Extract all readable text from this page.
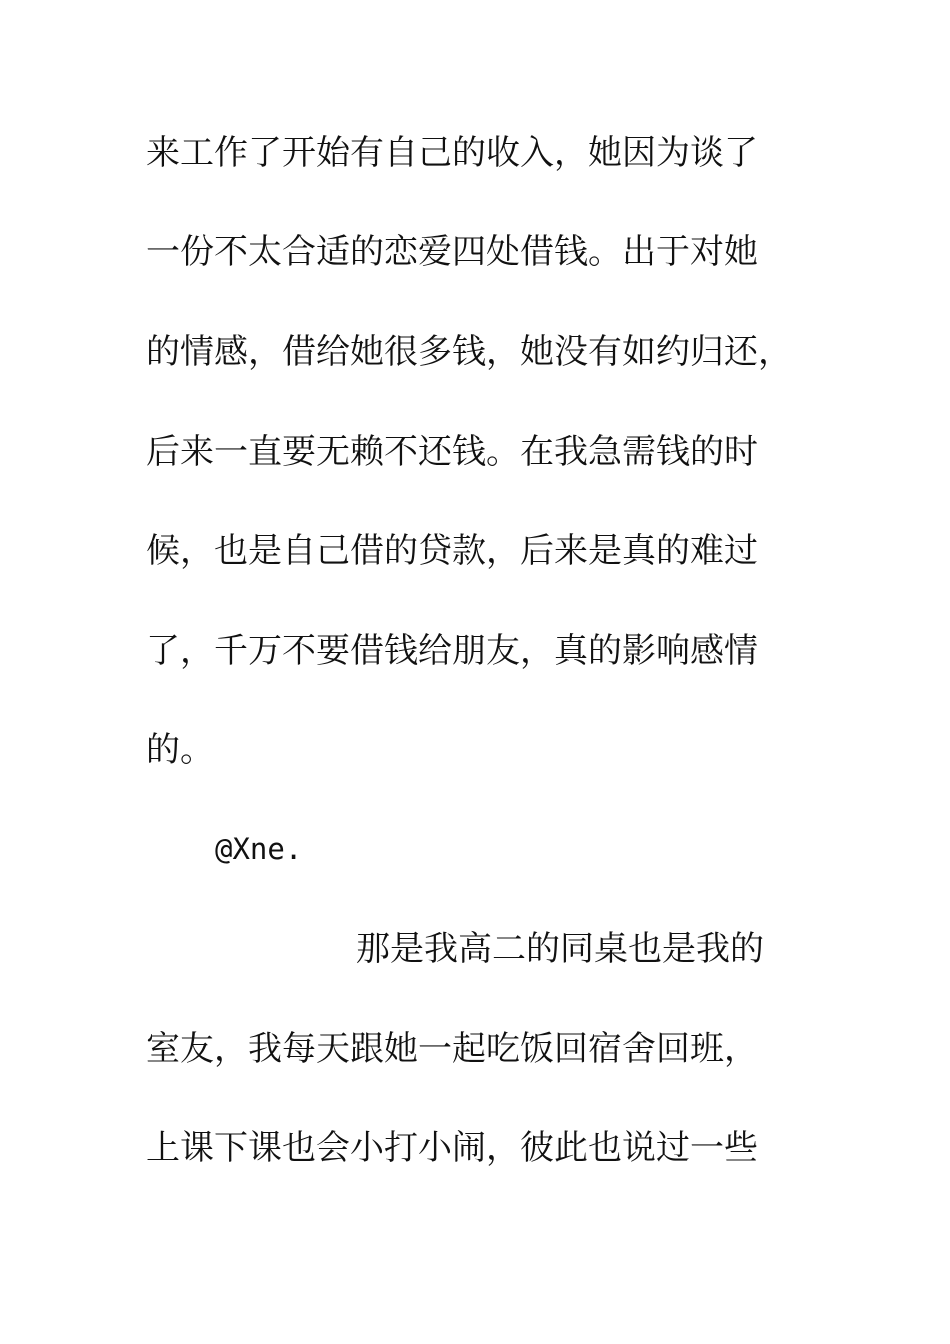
来工作了开始有自己的收入，她因为谈了
一份不太合适的恋爱四处借钱。出于对她
的情感，借给她很多钱，她没有如约归还，
后来一直要无赖不还钱。在我急需钱的时
候，也是自己借的贷款，后来是真的难过
了，千万不要借钱给朋友，真的影响感情
的。
@Xne.
那是我高二的同桌也是我的
室友，我每天跟她一起吃饭回宿舍回班，
上课下课也会小打小闹，彼此也说过一些
